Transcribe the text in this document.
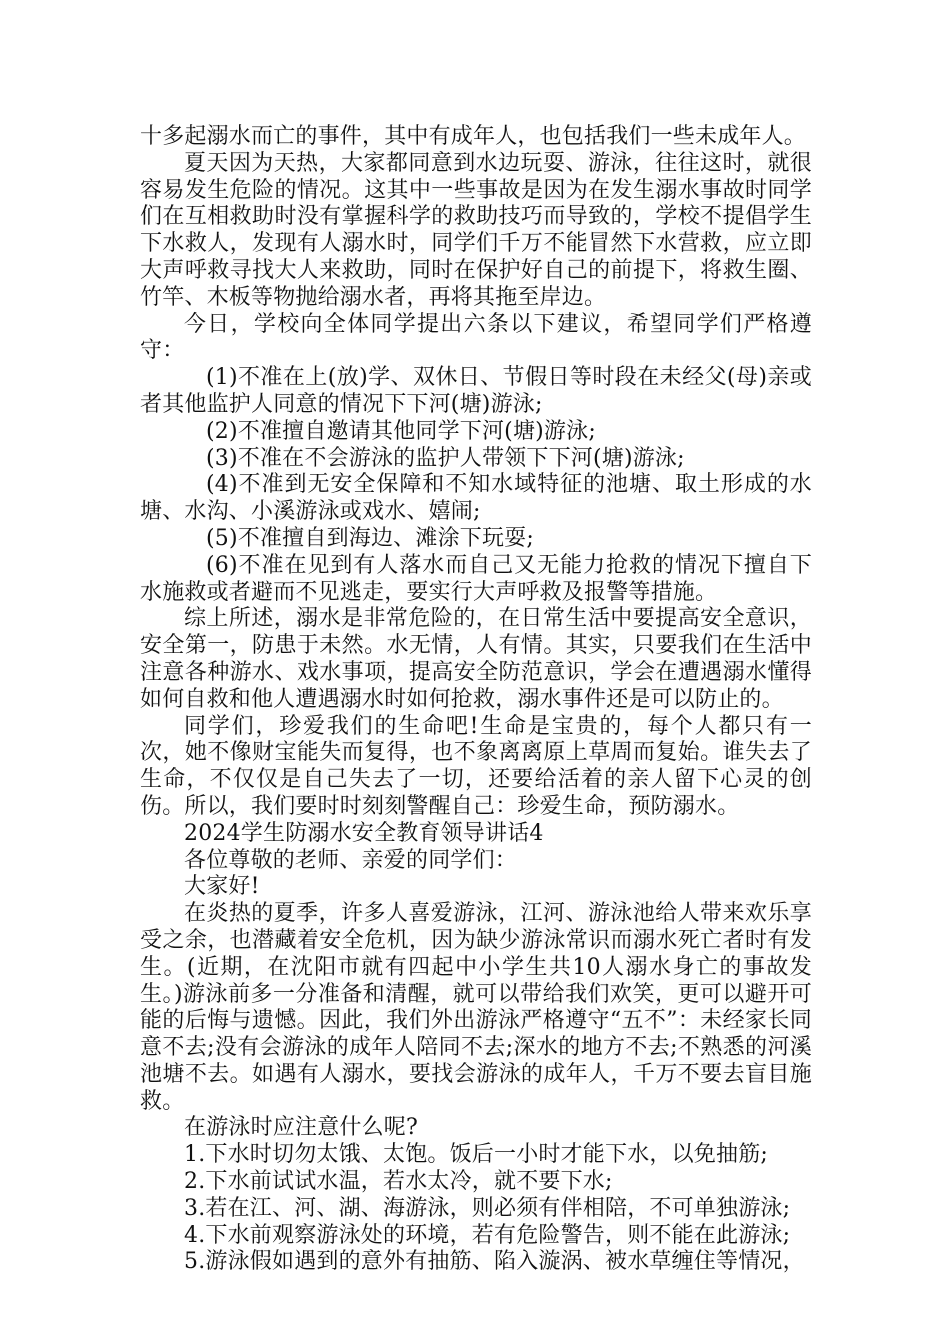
十多起溺水而亡的事件，其中有成年人，也包括我们一些未成年人。

夏天因为天热，大家都同意到水边玩耍、游泳，往往这时，就很容易发生危险的情况。这其中一些事故是因为在发生溺水事故时同学们在互相救助时没有掌握科学的救助技巧而导致的，学校不提倡学生下水救人，发现有人溺水时，同学们千万不能冒然下水营救，应立即大声呼救寻找大人来救助，同时在保护好自己的前提下，将救生圈、竹竿、木板等物抛给溺水者，再将其拖至岸边。

今日，学校向全体同学提出六条以下建议，希望同学们严格遵守：

(1)不准在上(放)学、双休日、节假日等时段在未经父(母)亲或者其他监护人同意的情况下下河(塘)游泳;

(2)不准擅自邀请其他同学下河(塘)游泳;

(3)不准在不会游泳的监护人带领下下河(塘)游泳;

(4)不准到无安全保障和不知水域特征的池塘、取土形成的水塘、水沟、小溪游泳或戏水、嬉闹;

(5)不准擅自到海边、滩涂下玩耍;

(6)不准在见到有人落水而自己又无能力抢救的情况下擅自下水施救或者避而不见逃走，要实行大声呼救及报警等措施。

综上所述，溺水是非常危险的，在日常生活中要提高安全意识，安全第一，防患于未然。水无情，人有情。其实，只要我们在生活中注意各种游水、戏水事项，提高安全防范意识，学会在遭遇溺水懂得如何自救和他人遭遇溺水时如何抢救，溺水事件还是可以防止的。

同学们，珍爱我们的生命吧!生命是宝贵的，每个人都只有一次，她不像财宝能失而复得，也不象离离原上草周而复始。谁失去了生命，不仅仅是自己失去了一切，还要给活着的亲人留下心灵的创伤。所以，我们要时时刻刻警醒自己：珍爱生命，预防溺水。

2024学生防溺水安全教育领导讲话4

各位尊敬的老师、亲爱的同学们：

大家好!

在炎热的夏季，许多人喜爱游泳，江河、游泳池给人带来欢乐享受之余，也潜藏着安全危机，因为缺少游泳常识而溺水死亡者时有发生。(近期，在沈阳市就有四起中小学生共10人溺水身亡的事故发生。)游泳前多一分准备和清醒，就可以带给我们欢笑，更可以避开可能的后悔与遗憾。因此，我们外出游泳严格遵守“五不”：未经家长同意不去;没有会游泳的成年人陪同不去;深水的地方不去;不熟悉的河溪池塘不去。如遇有人溺水，要找会游泳的成年人，千万不要去盲目施救。

在游泳时应注意什么呢?

1.下水时切勿太饿、太饱。饭后一小时才能下水，以免抽筋;

2.下水前试试水温，若水太冷，就不要下水;

3.若在江、河、湖、海游泳，则必须有伴相陪，不可单独游泳;

4.下水前观察游泳处的环境，若有危险警告，则不能在此游泳;

5.游泳假如遇到的意外有抽筋、陷入漩涡、被水草缠住等情况，
